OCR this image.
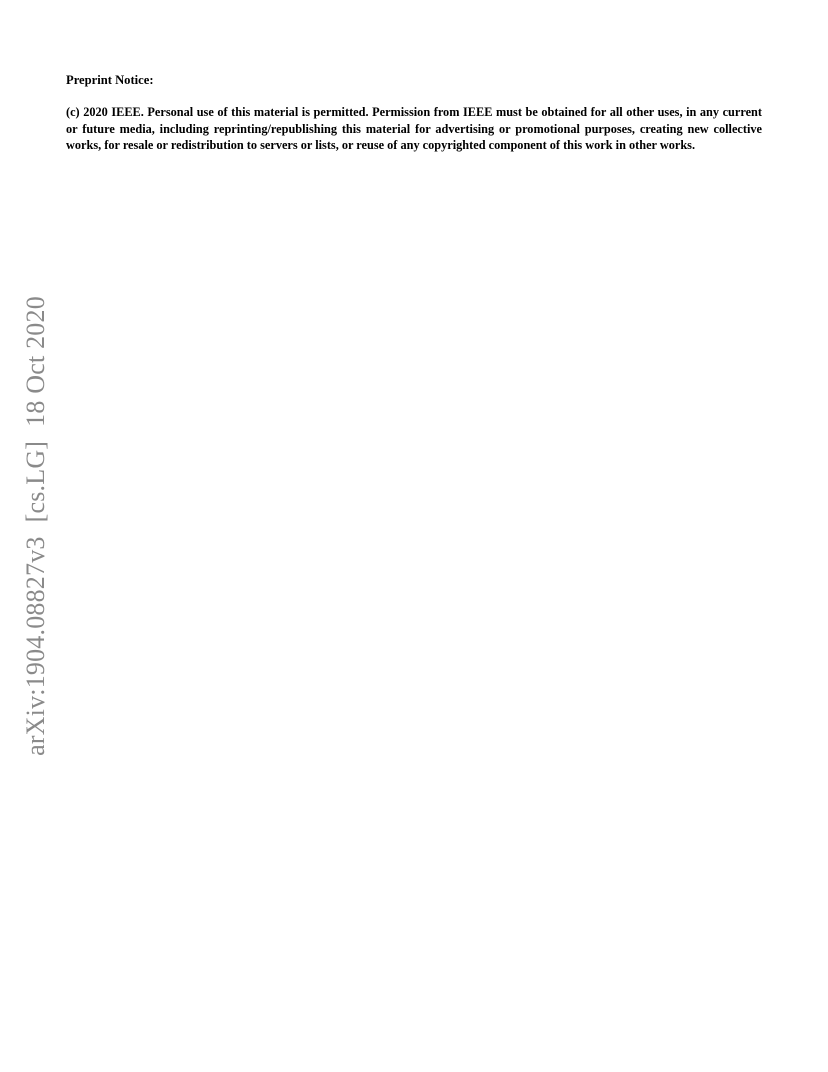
Preprint Notice:

(c) 2020 IEEE. Personal use of this material is permitted. Permission from IEEE must be obtained for all other uses, in any current or future media, including reprinting/republishing this material for advertising or promotional purposes, creating new collective works, for resale or redistribution to servers or lists, or reuse of any copyrighted component of this work in other works.

arXiv:1904.08827v3[cs.LG]18 Oct 2020
